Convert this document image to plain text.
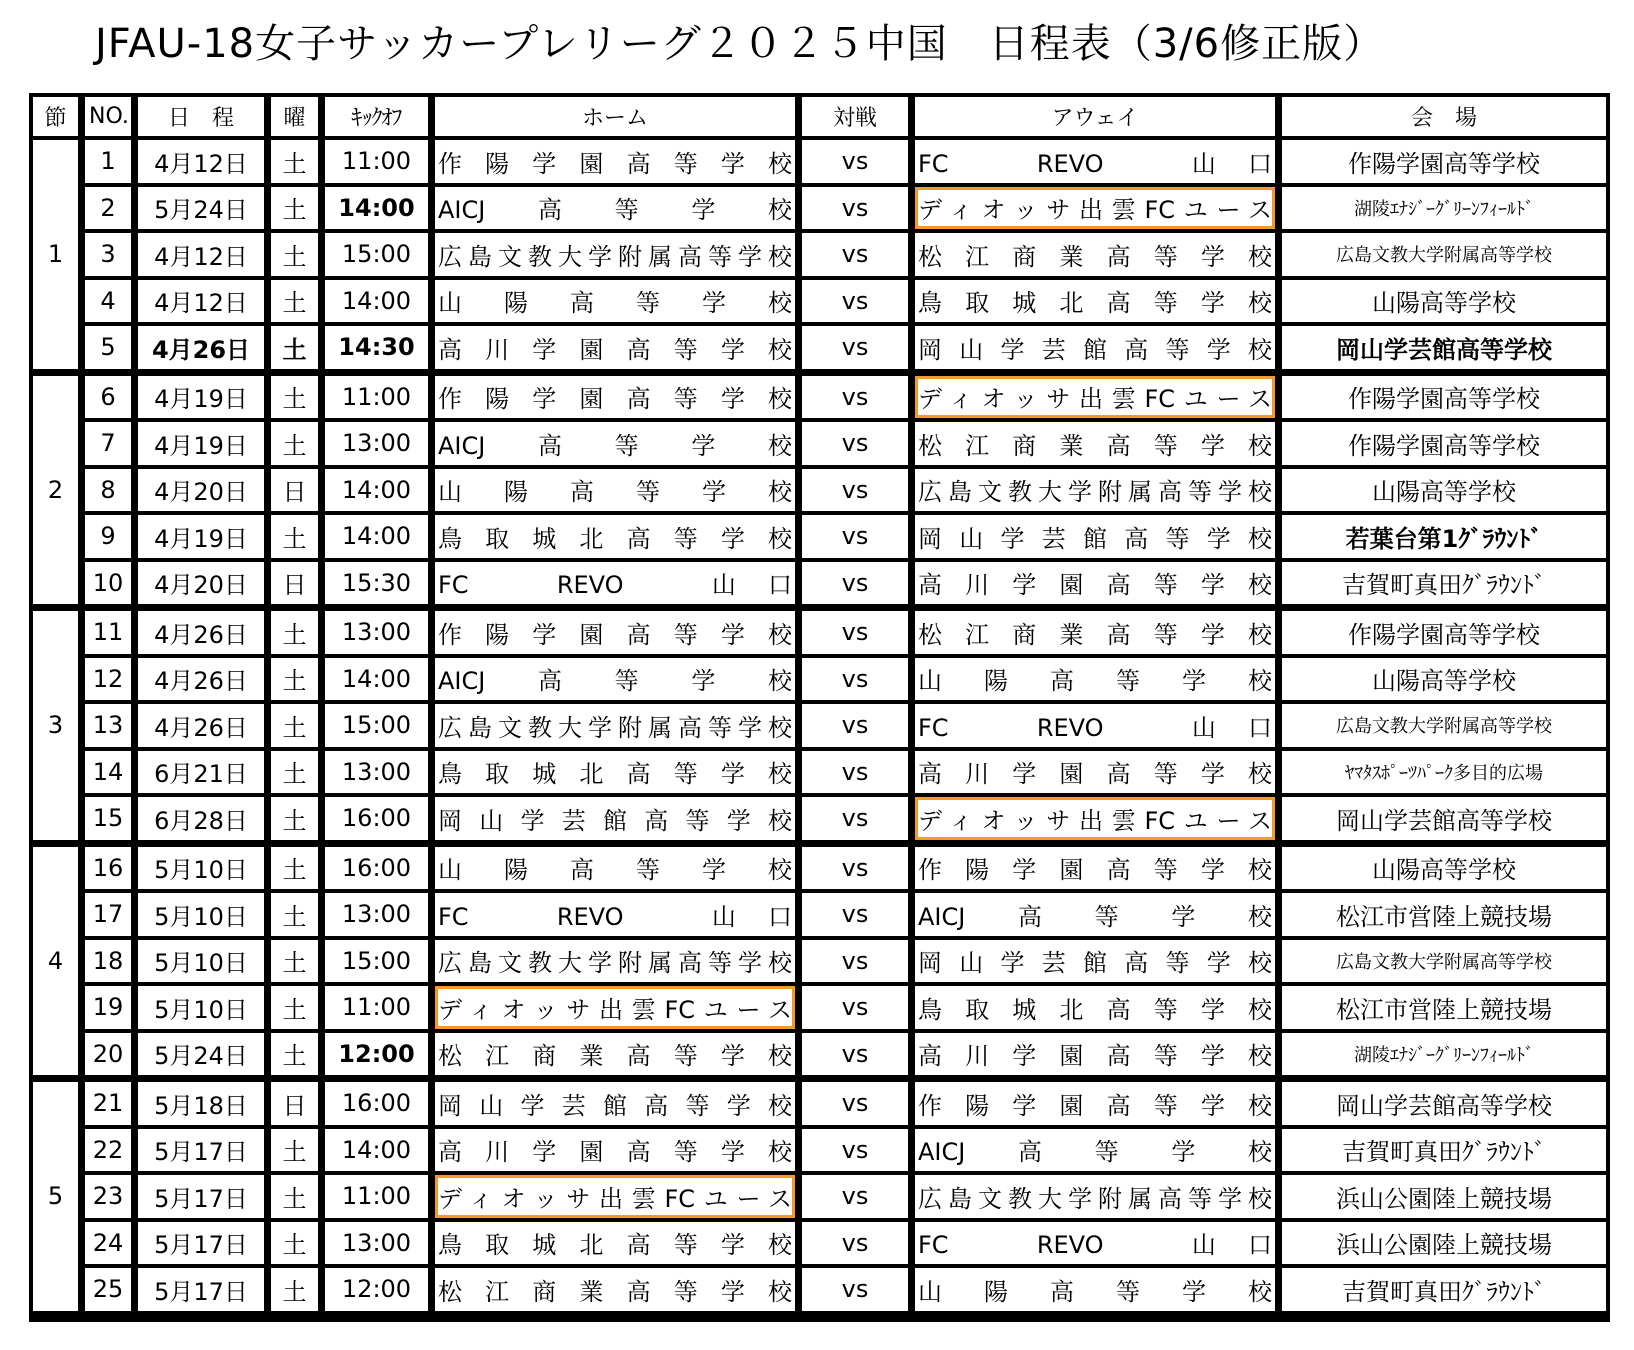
JFAU-18女子サッカープレリーグ２０２５中国　日程表（3/6修正版）
節	NO.	日　程	曜	ｷｯｸｵﾌ	ホーム	対戦	アウェイ	会　場
1	1	4月12日	土	11:00	作陽学園高等学校	vs	FC　REVO　山口	作陽学園高等学校
	2	5月24日	土	14:00	AICJ　高　等　学　校	vs	ディオッサ出雲FCユース	湖陵ｴﾅｼﾞｰｸﾞﾘｰﾝﾌｨｰﾙﾄﾞ
	3	4月12日	土	15:00	広島文教大学附属高等学校	vs	松江商業高等学校	広島文教大学附属高等学校
	4	4月12日	土	14:00	山陽高等学校	vs	鳥取城北高等学校	山陽高等学校
	5	4月26日	土	14:30	高川学園高等学校	vs	岡山学芸館高等学校	岡山学芸館高等学校
2	6	4月19日	土	11:00	作陽学園高等学校	vs	ディオッサ出雲FCユース	作陽学園高等学校
	7	4月19日	土	13:00	AICJ　高　等　学　校	vs	松江商業高等学校	作陽学園高等学校
	8	4月20日	日	14:00	山陽高等学校	vs	広島文教大学附属高等学校	山陽高等学校
	9	4月19日	土	14:00	鳥取城北高等学校	vs	岡山学芸館高等学校	若葉台第1ｸﾞﾗｳﾝﾄﾞ
	10	4月20日	日	15:30	FC　REVO　山口	vs	高川学園高等学校	吉賀町真田ｸﾞﾗｳﾝﾄﾞ
3	11	4月26日	土	13:00	作陽学園高等学校	vs	松江商業高等学校	作陽学園高等学校
	12	4月26日	土	14:00	AICJ　高　等　学　校	vs	山陽高等学校	山陽高等学校
	13	4月26日	土	15:00	広島文教大学附属高等学校	vs	FC　REVO　山口	広島文教大学附属高等学校
	14	6月21日	土	13:00	鳥取城北高等学校	vs	高川学園高等学校	ﾔﾏﾀｽﾎﾟｰﾂﾊﾟｰｸ多目的広場
	15	6月28日	土	16:00	岡山学芸館高等学校	vs	ディオッサ出雲FCユース	岡山学芸館高等学校
4	16	5月10日	土	16:00	山陽高等学校	vs	作陽学園高等学校	山陽高等学校
	17	5月10日	土	13:00	FC　REVO　山口	vs	AICJ　高　等　学　校	松江市営陸上競技場
	18	5月10日	土	15:00	広島文教大学附属高等学校	vs	岡山学芸館高等学校	広島文教大学附属高等学校
	19	5月10日	土	11:00	ディオッサ出雲FCユース	vs	鳥取城北高等学校	松江市営陸上競技場
	20	5月24日	土	12:00	松江商業高等学校	vs	高川学園高等学校	湖陵ｴﾅｼﾞｰｸﾞﾘｰﾝﾌｨｰﾙﾄﾞ
5	21	5月18日	日	16:00	岡山学芸館高等学校	vs	作陽学園高等学校	岡山学芸館高等学校
	22	5月17日	土	14:00	高川学園高等学校	vs	AICJ　高　等　学　校	吉賀町真田ｸﾞﾗｳﾝﾄﾞ
	23	5月17日	土	11:00	ディオッサ出雲FCユース	vs	広島文教大学附属高等学校	浜山公園陸上競技場
	24	5月17日	土	13:00	鳥取城北高等学校	vs	FC　REVO　山口	浜山公園陸上競技場
	25	5月17日	土	12:00	松江商業高等学校	vs	山陽高等学校	吉賀町真田ｸﾞﾗｳﾝﾄﾞ
